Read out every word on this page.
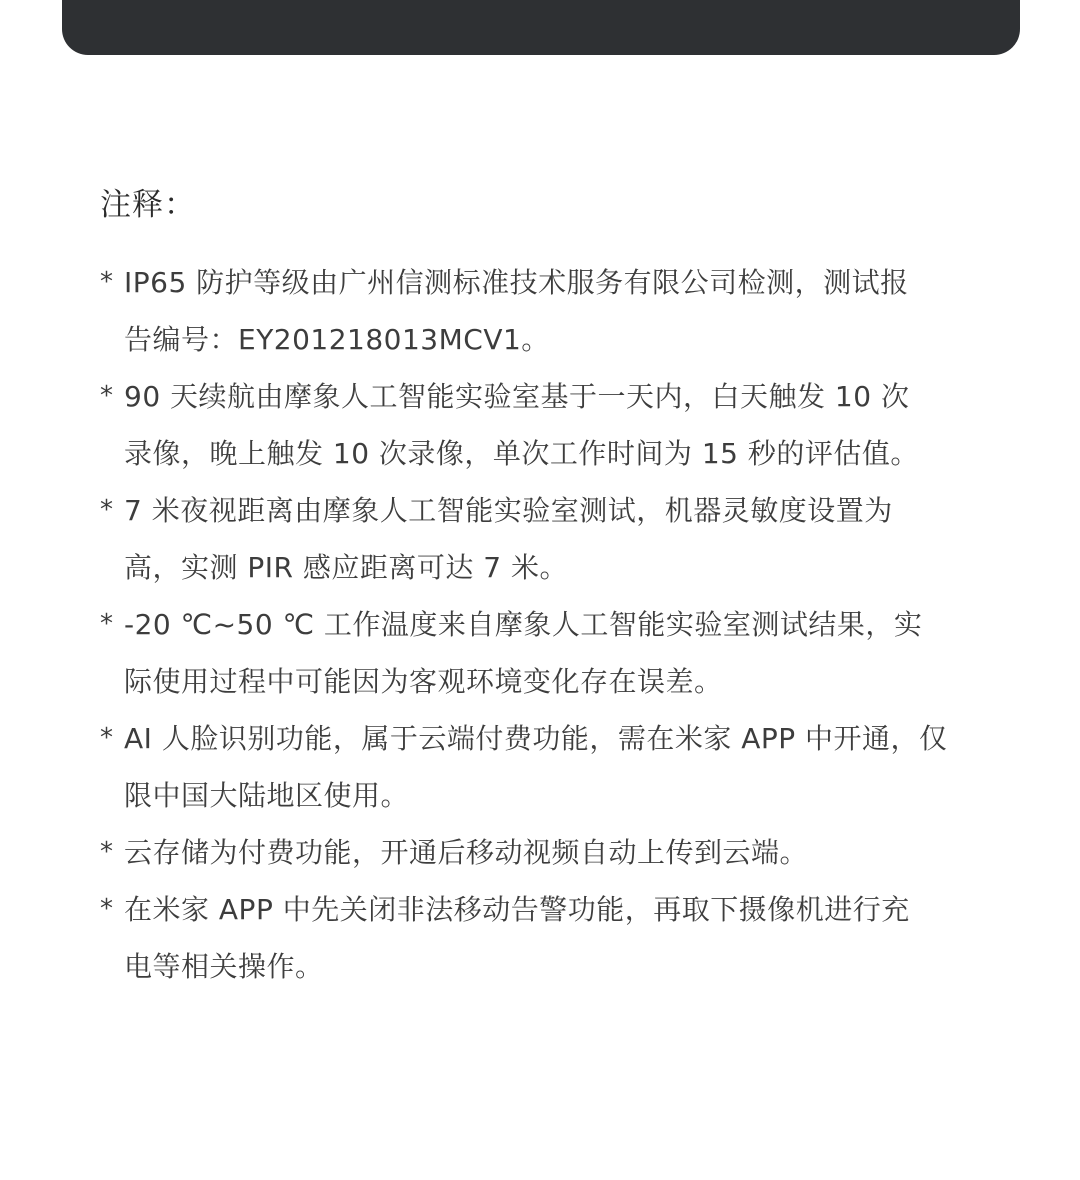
注释：
* IP65 防护等级由广州信测标准技术服务有限公司检测，测试报
告编号：EY201218013MCV1。
* 90 天续航由摩象人工智能实验室基于一天内，白天触发 10 次
录像，晚上触发 10 次录像，单次工作时间为 15 秒的评估值。
* 7 米夜视距离由摩象人工智能实验室测试，机器灵敏度设置为
高，实测 PIR 感应距离可达 7 米。
* -20 ℃~50 ℃ 工作温度来自摩象人工智能实验室测试结果，实
际使用过程中可能因为客观环境变化存在误差。
* AI 人脸识别功能，属于云端付费功能，需在米家 APP 中开通，仅
限中国大陆地区使用。
* 云存储为付费功能，开通后移动视频自动上传到云端。
* 在米家 APP 中先关闭非法移动告警功能，再取下摄像机进行充
电等相关操作。
